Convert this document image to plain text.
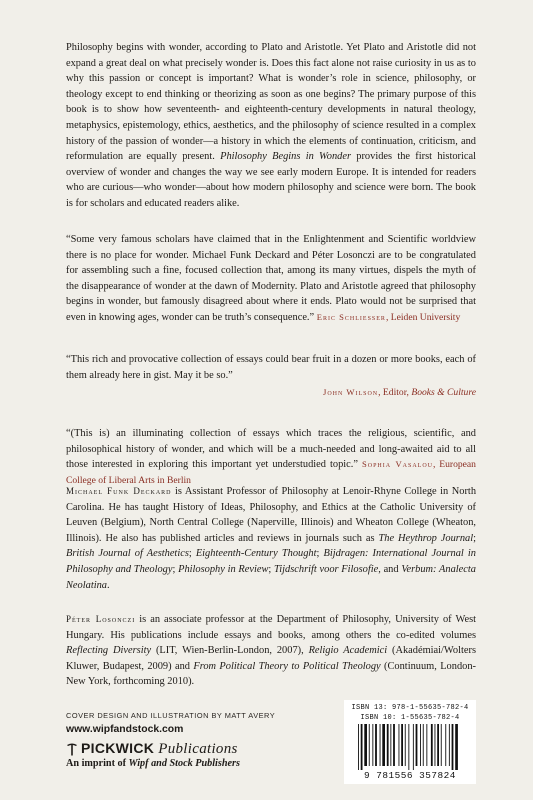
Philosophy begins with wonder, according to Plato and Aristotle. Yet Plato and Aristotle did not expand a great deal on what precisely wonder is. Does this fact alone not raise curiosity in us as to why this passion or concept is important? What is wonder’s role in science, philosophy, or theology except to end thinking or theorizing as soon as one begins? The primary purpose of this book is to show how seventeenth- and eighteenth-century developments in natural theology, metaphysics, epistemology, ethics, aesthetics, and the philosophy of science resulted in a complex history of the passion of wonder—a history in which the elements of continuation, criticism, and reformulation are equally present. Philosophy Begins in Wonder provides the first historical overview of wonder and changes the way we see early modern Europe. It is intended for readers who are curious—who wonder—about how modern philosophy and science were born. The book is for scholars and educated readers alike.

“Some very famous scholars have claimed that in the Enlightenment and Scientific worldview there is no place for wonder. Michael Funk Deckard and Péter Losonczi are to be congratulated for assembling such a fine, focused collection that, among its many virtues, dispels the myth of the disappearance of wonder at the dawn of Modernity. Plato and Aristotle agreed that philosophy begins in wonder, but famously disagreed about where it ends. Plato would not be surprised that even in knowing ages, wonder can be truth’s consequence.” Eric Schliesser, Leiden University

“This rich and provocative collection of essays could bear fruit in a dozen or more books, each of them already here in gist. May it be so.”
John Wilson, Editor, Books & Culture

“(This is) an illuminating collection of essays which traces the religious, scientific, and philosophical history of wonder, and which will be a much-needed and long-awaited aid to all those interested in exploring this important yet understudied topic.” Sophia Vasalou, European College of Liberal Arts in Berlin

Michael Funk Deckard is Assistant Professor of Philosophy at Lenoir-Rhyne College in North Carolina. He has taught History of Ideas, Philosophy, and Ethics at the Catholic University of Leuven (Belgium), North Central College (Naperville, Illinois) and Wheaton College (Wheaton, Illinois). He also has published articles and reviews in journals such as The Heythrop Journal; British Journal of Aesthetics; Eighteenth-Century Thought; Bijdragen: International Journal in Philosophy and Theology; Philosophy in Review; Tijdschrift voor Filosofie, and Verbum: Analecta Neolatina.

Péter Losonczi is an associate professor at the Department of Philosophy, University of West Hungary. His publications include essays and books, among others the co-edited volumes Reflecting Diversity (LIT, Wien-Berlin-London, 2007), Religio Academici (Akadémiai/Wolters Kluwer, Budapest, 2009) and From Political Theory to Political Theology (Continuum, London-New York, forthcoming 2010).

COVER DESIGN AND ILLUSTRATION BY MATT AVERY
www.wipfandstock.com
PICKWICK Publications
An imprint of Wipf and Stock Publishers
ISBN 13: 978-1-55635-782-4
ISBN 10: 1-55635-782-4
9 781556 357824
